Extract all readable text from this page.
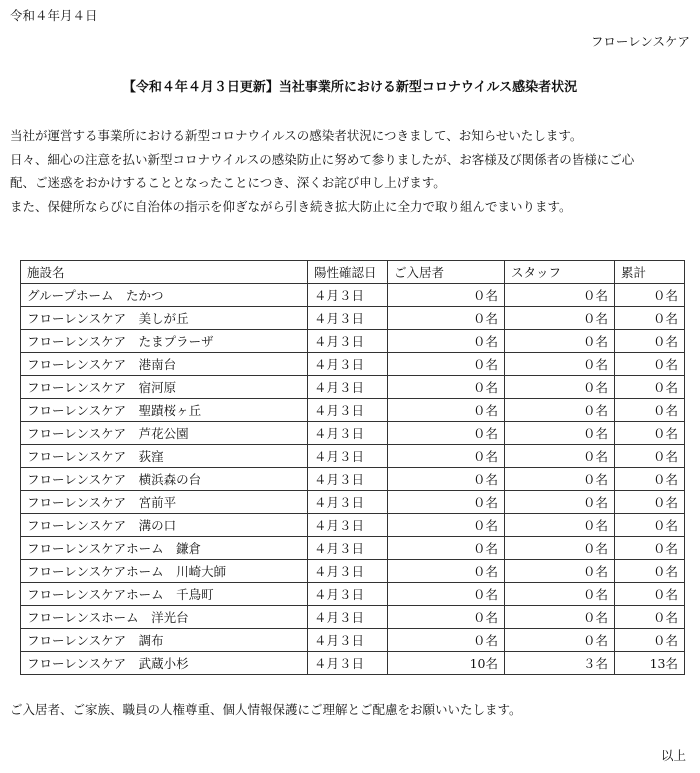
令和４年月４日
フローレンスケア
【令和４年４月３日更新】当社事業所における新型コロナウイルス感染者状況
当社が運営する事業所における新型コロナウイルスの感染者状況につきまして、お知らせいたします。
日々、細心の注意を払い新型コロナウイルスの感染防止に努めて参りましたが、お客様及び関係者の皆様にご心
配、ご迷惑をおかけすることとなったことにつき、深くお詫び申し上げます。
また、保健所ならびに自治体の指示を仰ぎながら引き続き拡大防止に全力で取り組んでまいります。
施設名	陽性確認日	ご入居者	スタッフ	累計
グループホーム　たかつ	４月３日	０名	０名	０名
フローレンスケア　美しが丘	４月３日	０名	０名	０名
フローレンスケア　たまプラーザ	４月３日	０名	０名	０名
フローレンスケア　港南台	４月３日	０名	０名	０名
フローレンスケア　宿河原	４月３日	０名	０名	０名
フローレンスケア　聖蹟桜ヶ丘	４月３日	０名	０名	０名
フローレンスケア　芦花公園	４月３日	０名	０名	０名
フローレンスケア　荻窪	４月３日	０名	０名	０名
フローレンスケア　横浜森の台	４月３日	０名	０名	０名
フローレンスケア　宮前平	４月３日	０名	０名	０名
フローレンスケア　溝の口	４月３日	０名	０名	０名
フローレンスケアホーム　鎌倉	４月３日	０名	０名	０名
フローレンスケアホーム　川崎大師	４月３日	０名	０名	０名
フローレンスケアホーム　千鳥町	４月３日	０名	０名	０名
フローレンスホーム　洋光台	４月３日	０名	０名	０名
フローレンスケア　調布	４月３日	０名	０名	０名
フローレンスケア　武蔵小杉	４月３日	10名	３名	13名
ご入居者、ご家族、職員の人権尊重、個人情報保護にご理解とご配慮をお願いいたします。
以上
